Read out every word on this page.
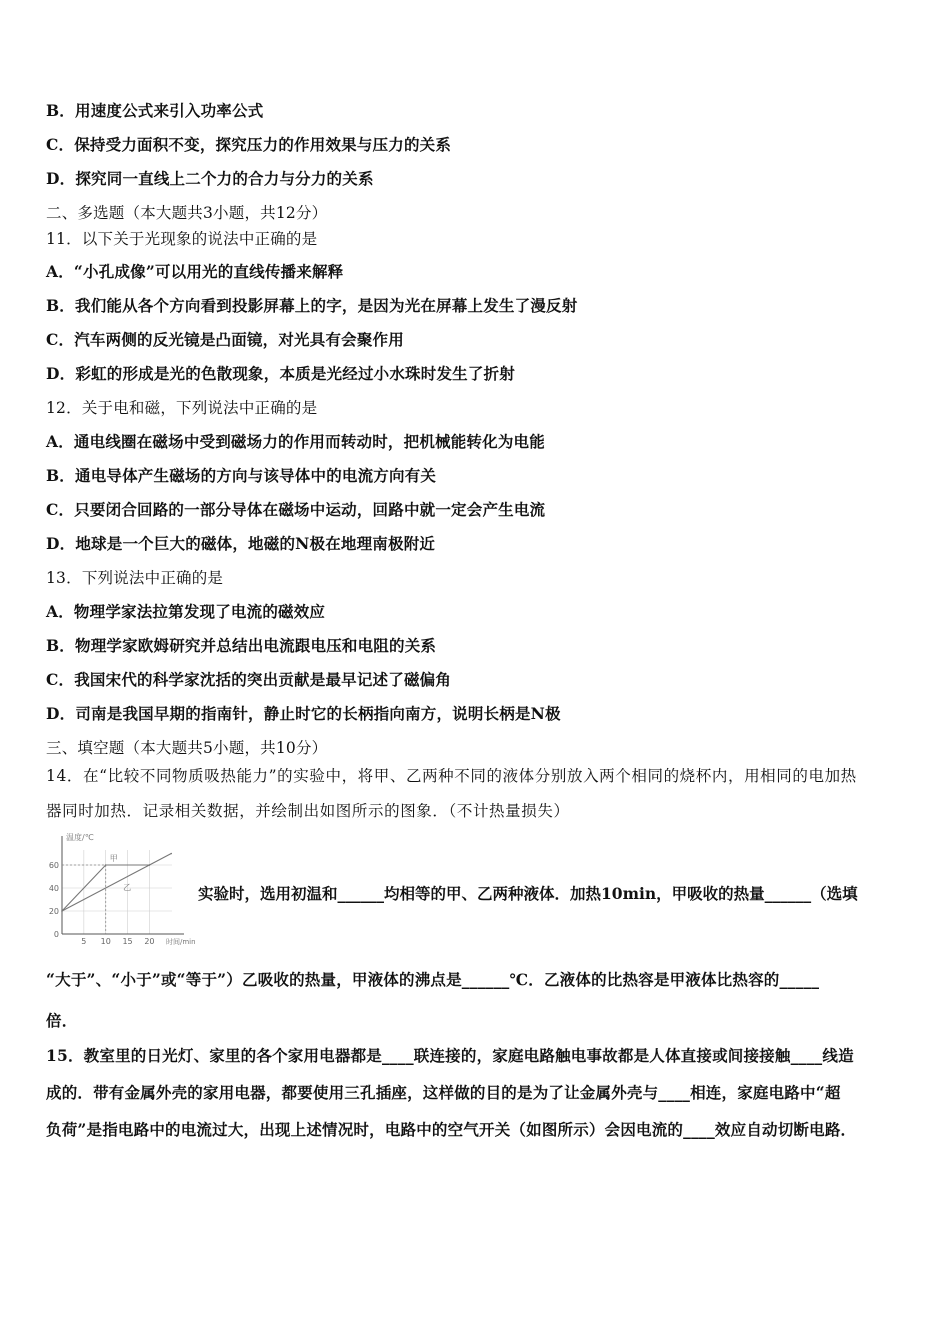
B．用速度公式来引入功率公式
C．保持受力面积不变，探究压力的作用效果与压力的关系
D．探究同一直线上二个力的合力与分力的关系
二、多选题（本大题共3小题，共12分）
11．以下关于光现象的说法中正确的是
A．“小孔成像”可以用光的直线传播来解释
B．我们能从各个方向看到投影屏幕上的字，是因为光在屏幕上发生了漫反射
C．汽车两侧的反光镜是凸面镜，对光具有会聚作用
D．彩虹的形成是光的色散现象，本质是光经过小水珠时发生了折射
12．关于电和磁，下列说法中正确的是
A．通电线圈在磁场中受到磁场力的作用而转动时，把机械能转化为电能
B．通电导体产生磁场的方向与该导体中的电流方向有关
C．只要闭合回路的一部分导体在磁场中运动，回路中就一定会产生电流
D．地球是一个巨大的磁体，地磁的N极在地理南极附近
13．下列说法中正确的是
A．物理学家法拉第发现了电流的磁效应
B．物理学家欧姆研究并总结出电流跟电压和电阻的关系
C．我国宋代的科学家沈括的突出贡献是最早记述了磁偏角
D．司南是我国早期的指南针，静止时它的长柄指向南方，说明长柄是N极
三、填空题（本大题共5小题，共10分）
14．在“比较不同物质吸热能力”的实验中，将甲、乙两种不同的液体分别放入两个相同的烧杯内，用相同的电加热
器同时加热．记录相关数据，并绘制出如图所示的图象．（不计热量损失）
5 10 15 20
0
20
40
60
温度/℃
时间/min
甲
乙	实验时，选用初温和______均相等的甲、乙两种液体．加热10min，甲吸收的热量______（选填
“大于”、“小于”或“等于”）乙吸收的热量，甲液体的沸点是______℃．乙液体的比热容是甲液体比热容的_____
倍．
15．教室里的日光灯、家里的各个家用电器都是____联连接的，家庭电路触电事故都是人体直接或间接接触____线造
成的．带有金属外壳的家用电器，都要使用三孔插座，这样做的目的是为了让金属外壳与____相连，家庭电路中“超
负荷”是指电路中的电流过大，出现上述情况时，电路中的空气开关（如图所示）会因电流的____效应自动切断电路．
